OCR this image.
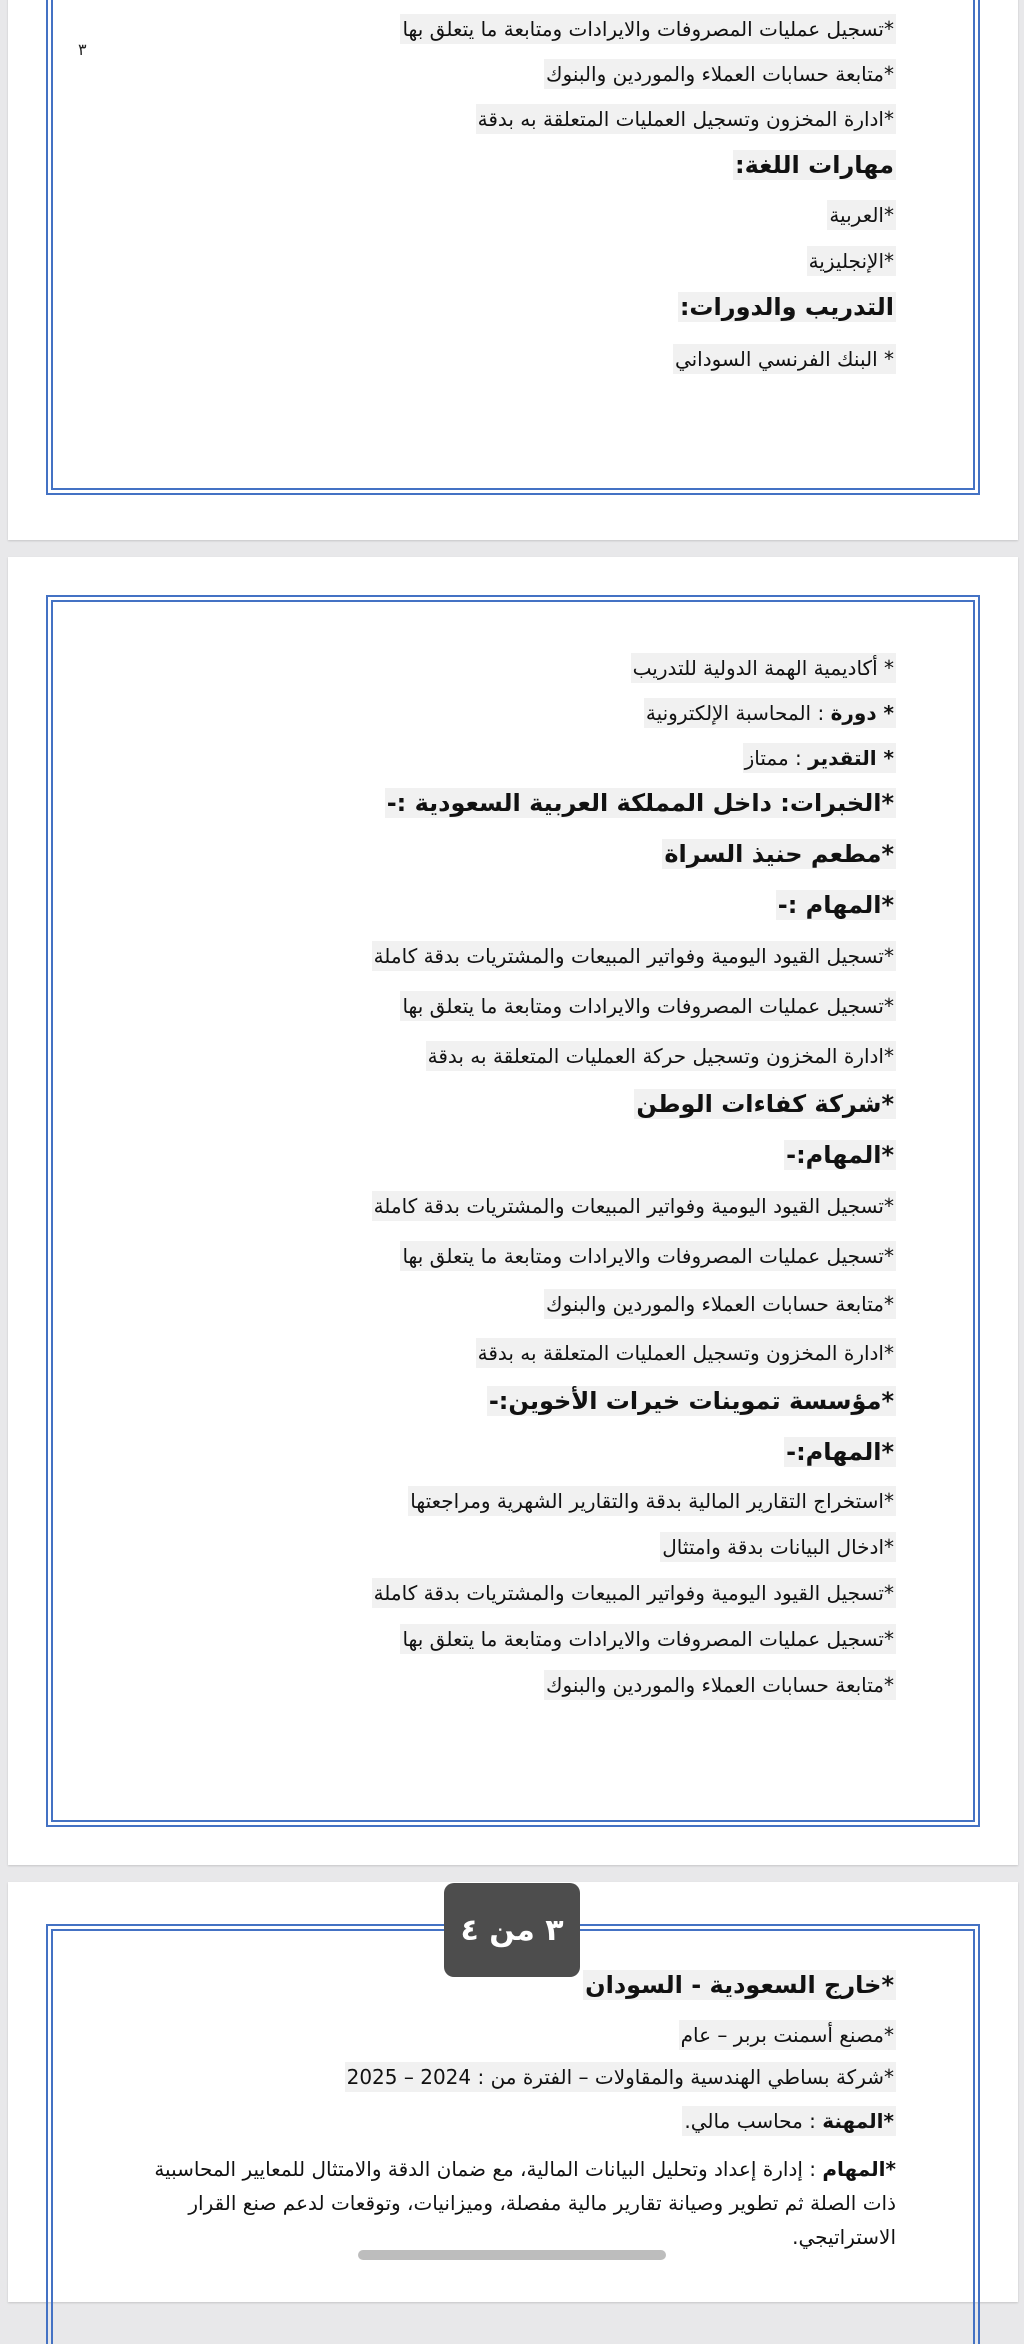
٣

*تسجيل عمليات المصروفات والايرادات ومتابعة ما يتعلق بها

*متابعة حسابات العملاء والموردين والبنوك

*ادارة المخزون وتسجيل العمليات المتعلقة به بدقة

مهارات اللغة:

*العربية

*الإنجليزية

التدريب والدورات:

* البنك الفرنسي السوداني

* أكاديمية الهمة الدولية للتدريب

* دورة : المحاسبة الإلكترونية

* التقدير : ممتاز

*الخبرات: داخل المملكة العربية السعودية :-

*مطعم حنيذ السراة

*المهام :-

*تسجيل القيود اليومية وفواتير المبيعات والمشتريات بدقة كاملة

*تسجيل عمليات المصروفات والايرادات ومتابعة ما يتعلق بها

*ادارة المخزون وتسجيل حركة العمليات المتعلقة به بدقة

*شركة كفاءات الوطن

*المهام:-

*تسجيل القيود اليومية وفواتير المبيعات والمشتريات بدقة كاملة

*تسجيل عمليات المصروفات والايرادات ومتابعة ما يتعلق بها

*متابعة حسابات العملاء والموردين والبنوك

*ادارة المخزون وتسجيل العمليات المتعلقة به بدقة

*مؤسسة تموينات خيرات الأخوين:-

*المهام:-

*استخراج التقارير المالية بدقة والتقارير الشهرية ومراجعتها

*ادخال البيانات بدقة وامتثال

*تسجيل القيود اليومية وفواتير المبيعات والمشتريات بدقة كاملة

*تسجيل عمليات المصروفات والايرادات ومتابعة ما يتعلق بها

*متابعة حسابات العملاء والموردين والبنوك

*خارج السعودية - السودان

*مصنع أسمنت بربر – عام

*شركة بساطي الهندسية والمقاولات – الفترة من : 2024 – 2025

*المهنة : محاسب مالي.

*المهام : إدارة إعداد وتحليل البيانات المالية، مع ضمان الدقة والامتثال للمعايير المحاسبية ذات الصلة ثم تطوير وصيانة تقارير مالية مفصلة، وميزانيات، وتوقعات لدعم صنع القرار الاستراتيجي.

٣ من ٤
